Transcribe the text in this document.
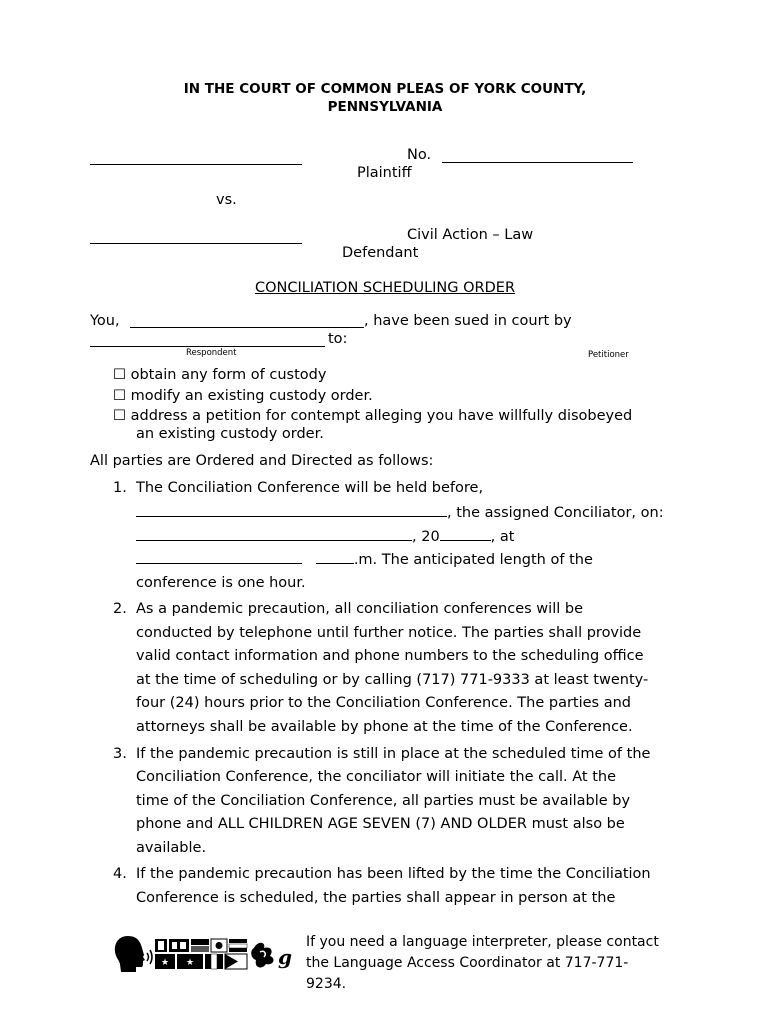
IN THE COURT OF COMMON PLEAS OF YORK COUNTY,
PENNSYLVANIA
No.
Plaintiff
vs.
Civil Action – Law
Defendant
CONCILIATION SCHEDULING ORDER
You,	, have been sued in court by
to:
Respondent	Petitioner
☐ obtain any form of custody
☐ modify an existing custody order.
☐ address a petition for contempt alleging you have willfully disobeyed
an existing custody order.
All parties are Ordered and Directed as follows:
1. The Conciliation Conference will be held before,
, the assigned Conciliator, on:
, 20	, at
.m. The anticipated length of the
conference is one hour.
2. As a pandemic precaution, all conciliation conferences will be
conducted by telephone until further notice. The parties shall provide
valid contact information and phone numbers to the scheduling office
at the time of scheduling or by calling (717) 771-9333 at least twenty-
four (24) hours prior to the Conciliation Conference. The parties and
attorneys shall be available by phone at the time of the Conference.
3. If the pandemic precaution is still in place at the scheduled time of the
Conciliation Conference, the conciliator will initiate the call. At the
time of the Conciliation Conference, all parties must be available by
phone and ALL CHILDREN AGE SEVEN (7) AND OLDER must also be
available.
4. If the pandemic precaution has been lifted by the time the Conciliation
Conference is scheduled, the parties shall appear in person at the
★ ★	g
If you need a language interpreter, please contact the Language Access Coordinator at 717-771-9234.
